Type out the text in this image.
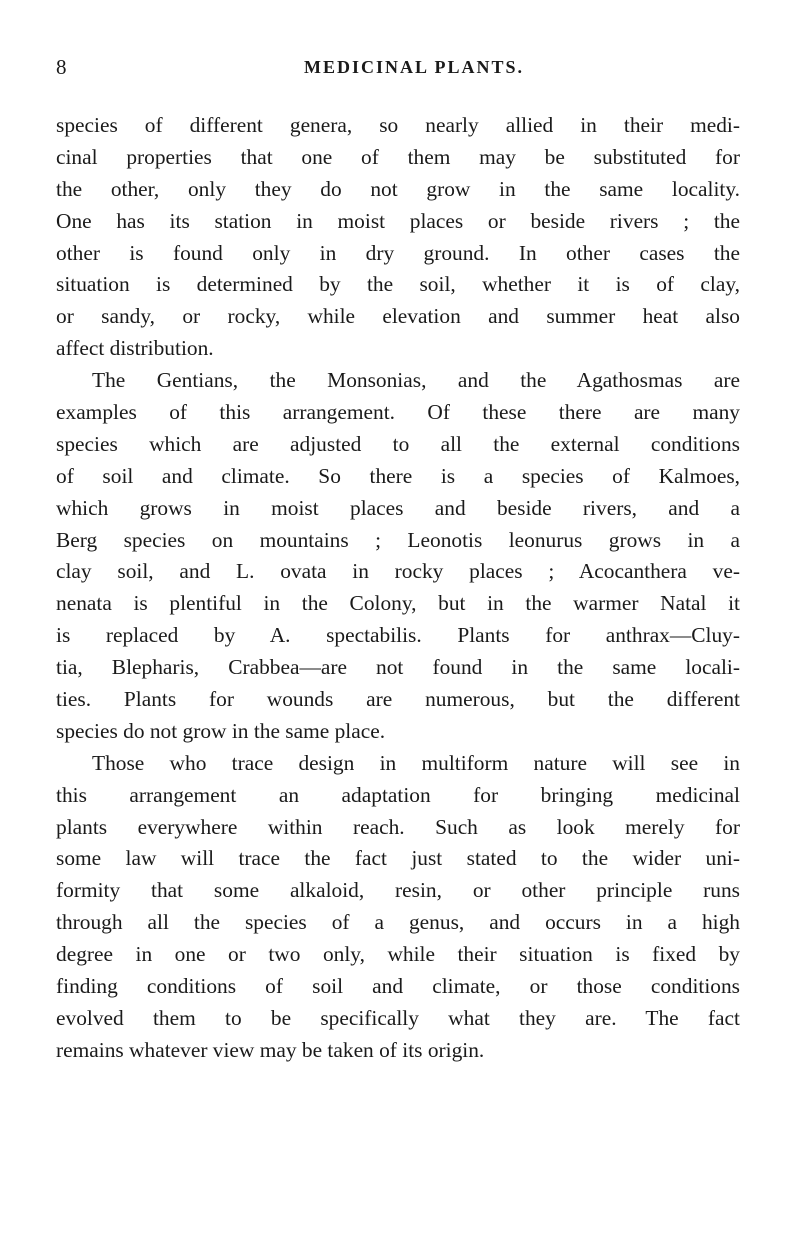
8	MEDICINAL PLANTS.
species of different genera, so nearly allied in their medi-
cinal properties that one of them may be substituted for
the other, only they do not grow in the same locality.
One has its station in moist places or beside rivers ; the
other is found only in dry ground. In other cases the
situation is determined by the soil, whether it is of clay,
or sandy, or rocky, while elevation and summer heat also
affect distribution.
The Gentians, the Monsonias, and the Agathosmas are
examples of this arrangement. Of these there are many
species which are adjusted to all the external conditions
of soil and climate. So there is a species of Kalmoes,
which grows in moist places and beside rivers, and a
Berg species on mountains ; Leonotis leonurus grows in a
clay soil, and L. ovata in rocky places ; Acocanthera ve-
nenata is plentiful in the Colony, but in the warmer Natal it
is replaced by A. spectabilis. Plants for anthrax—Cluy-
tia, Blepharis, Crabbea—are not found in the same locali-
ties. Plants for wounds are numerous, but the different
species do not grow in the same place.
Those who trace design in multiform nature will see in
this arrangement an adaptation for bringing medicinal
plants everywhere within reach. Such as look merely for
some law will trace the fact just stated to the wider uni-
formity that some alkaloid, resin, or other principle runs
through all the species of a genus, and occurs in a high
degree in one or two only, while their situation is fixed by
finding conditions of soil and climate, or those conditions
evolved them to be specifically what they are. The fact
remains whatever view may be taken of its origin.
